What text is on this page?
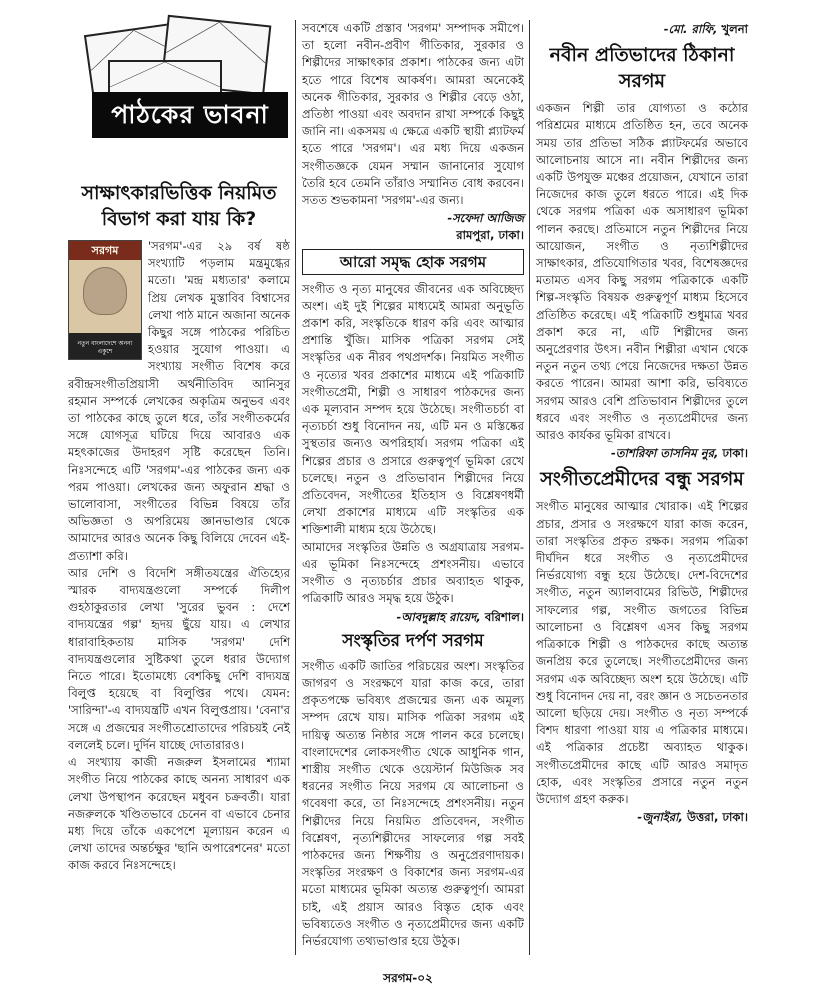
পাঠকের ভাবনা
সাক্ষাৎকারভিত্তিক নিয়মিত বিভাগ করা যায় কি?
সরগম
নতুন বাংলাদেশে অনন্য একুশে

'সরগম'-এর ২৯ বর্ষ ষষ্ঠ সংখ্যাটি পড়লাম মন্ত্রমুগ্ধের মতো। 'মন্দ্র মধ্যতার' কলামে প্রিয় লেখক মুস্তাবিব বিশ্বাসের লেখা পাঠ মানে অজানা অনেক কিছুর সঙ্গে পাঠকের পরিচিত হওয়ার সুযোগ পাওয়া। এ সংখ্যায় সংগীত বিশেষ করে রবীন্দ্রসংগীতপ্রিয়াসী অর্থনীতিবিদ আনিসুর রহমান সম্পর্কে লেখকের অকৃত্রিম অনুভব এবং তা পাঠকের কাছে তুলে ধরে, তাঁর সংগীতকর্মের সঙ্গে যোগসূত্র ঘটিয়ে দিয়ে আবারও এক মহৎকাজের উদাহরণ সৃষ্টি করেছেন তিনি। নিঃসন্দেহে এটি 'সরগম'-এর পাঠকের জন্য এক পরম পাওয়া। লেখকের জন্য অফুরান শ্রদ্ধা ও ভালোবাসা, সংগীতের বিভিন্ন বিষয়ে তাঁর অভিজ্ঞতা ও অপরিমেয় জ্ঞানভাণ্ডার থেকে আমাদের আরও অনেক কিছু বিলিয়ে দেবেন এই-প্রত্যাশা করি।

আর দেশি ও বিদেশি সঙ্গীতযন্ত্রের ঐতিহ্যের স্মারক বাদ্যযন্ত্রগুলো সম্পর্কে দিলীপ গুহঠাকুরতার লেখা 'সুরের ভুবন : দেশে বাদ্যযন্ত্রের গল্প' হৃদয় ছুঁয়ে যায়। এ লেখার ধারাবাহিকতায় মাসিক 'সরগম' দেশি বাদ্যযন্ত্রগুলোর সুষ্টিকথা তুলে ধরার উদ্যোগ নিতে পারে। ইতোমধ্যে বেশকিছু দেশি বাদ্যযন্ত্র বিলুপ্ত হয়েছে বা বিলুপ্তির পথে। যেমন: 'সারিন্দা'-এ বাদ্যযন্ত্রটি এখন বিলুপ্তপ্রায়। 'বেনা'র সঙ্গে এ প্রজন্মের সংগীতশ্রোতাদের পরিচয়ই নেই বললেই চলে। দুর্দিন যাচ্ছে দোতারারও।

এ সংখ্যায় কাজী নজরুল ইসলামের শ্যামা সংগীত নিয়ে পাঠকের কাছে অনন্য সাধারণ এক লেখা উপস্থাপন করেছেন মধুবন চক্রবর্তী। যারা নজরুলকে খণ্ডিতভাবে চেনেন বা এভাবে চেনার মধ্য দিয়ে তাঁকে একপেশে মূল্যায়ন করেন এ লেখা তাদের অন্তর্চক্ষুর 'ছানি অপারেশনের' মতো কাজ করবে নিঃসন্দেহে।

সবশেষে একটি প্রস্তাব 'সরগম' সম্পাদক সমীপে। তা হলো নবীন-প্রবীণ গীতিকার, সুরকার ও শিল্পীদের সাক্ষাৎকার প্রকাশ। পাঠকের জন্য এটা হতে পারে বিশেষ আকর্ষণ। আমরা অনেকেই অনেক গীতিকার, সুরকার ও শিল্পীর বেড়ে ওঠা, প্রতিষ্ঠা পাওয়া এবং অবদান রাখা সম্পর্কে কিছুই জানি না। একসময় এ ক্ষেত্রে একটি স্থায়ী প্ল্যাটফর্ম হতে পারে 'সরগম'। এর মধ্য দিয়ে একজন সংগীতজ্ঞকে যেমন সম্মান জানানোর সুযোগ তৈরি হবে তেমনি তাঁরাও সম্মানিত বোধ করবেন। সতত শুভকামনা 'সরগম'-এর জন্য।

-সফেদা আজিজ
রামপুরা, ঢাকা।
আরো সমৃদ্ধ হোক সরগম

সংগীত ও নৃত্য মানুষের জীবনের এক অবিচ্ছেদ্য অংশ। এই দুই শিল্পের মাধ্যমেই আমরা অনুভূতি প্রকাশ করি, সংস্কৃতিকে ধারণ করি এবং আত্মার প্রশান্তি খুঁজি। মাসিক পত্রিকা সরগম সেই সংস্কৃতির এক নীরব পথপ্রদর্শক। নিয়মিত সংগীত ও নৃত্যের খবর প্রকাশের মাধ্যমে এই পত্রিকাটি সংগীতপ্রেমী, শিল্পী ও সাধারণ পাঠকদের জন্য এক মূল্যবান সম্পদ হয়ে উঠেছে। সংগীতচর্চা বা নৃত্যচর্চা শুধু বিনোদন নয়, এটি মন ও মস্তিষ্কের সুস্থতার জন্যও অপরিহার্য। সরগম পত্রিকা এই শিল্পের প্রচার ও প্রসারে গুরুত্বপূর্ণ ভূমিকা রেখে চলেছে। নতুন ও প্রতিভাবান শিল্পীদের নিয়ে প্রতিবেদন, সংগীতের ইতিহাস ও বিশ্লেষণধর্মী লেখা প্রকাশের মাধ্যমে এটি সংস্কৃতির এক শক্তিশালী মাধ্যম হয়ে উঠেছে।

আমাদের সংস্কৃতির উন্নতি ও অগ্রযাত্রায় সরগম-এর ভূমিকা নিঃসন্দেহে প্রশংসনীয়। এভাবে সংগীত ও নৃত্যচর্চার প্রচার অব্যাহত থাকুক, পত্রিকাটি আরও সমৃদ্ধ হয়ে উঠুক।

-আবদুল্লাহ রায়েদ, বরিশাল।
সংস্কৃতির দর্পণ সরগম

সংগীত একটি জাতির পরিচয়ের অংশ। সংস্কৃতির জাগরণ ও সংরক্ষণে যারা কাজ করে, তারা প্রকৃতপক্ষে ভবিষ্যৎ প্রজন্মের জন্য এক অমূল্য সম্পদ রেখে যায়। মাসিক পত্রিকা সরগম এই দায়িত্ব অত্যন্ত নিষ্ঠার সঙ্গে পালন করে চলেছে। বাংলাদেশের লোকসংগীত থেকে আধুনিক গান, শাস্ত্রীয় সংগীত থেকে ওয়েস্টার্ন মিউজিক সব ধরনের সংগীত নিয়ে সরগম যে আলোচনা ও গবেষণা করে, তা নিঃসন্দেহে প্রশংসনীয়। নতুন শিল্পীদের নিয়ে নিয়মিত প্রতিবেদন, সংগীত বিশ্লেষণ, নৃত্যশিল্পীদের সাফল্যের গল্প সবই পাঠকদের জন্য শিক্ষণীয় ও অনুপ্রেরণাদায়ক। সংস্কৃতির সংরক্ষণ ও বিকাশের জন্য সরগম-এর মতো মাধ্যমের ভূমিকা অত্যন্ত গুরুত্বপূর্ণ। আমরা চাই, এই প্রয়াস আরও বিস্তৃত হোক এবং ভবিষ্যতেও সংগীত ও নৃত্যপ্রেমীদের জন্য একটি নির্ভরযোগ্য তথ্যভাণ্ডার হয়ে উঠুক।

-মো. রাফি, খুলনা
নবীন প্রতিভাদের ঠিকানা সরগম

একজন শিল্পী তার যোগ্যতা ও কঠোর পরিশ্রমের মাধ্যমে প্রতিষ্ঠিত হন, তবে অনেক সময় তার প্রতিভা সঠিক প্ল্যাটফর্মের অভাবে আলোচনায় আসে না। নবীন শিল্পীদের জন্য একটি উপযুক্ত মঞ্চের প্রয়োজন, যেখানে তারা নিজেদের কাজ তুলে ধরতে পারে। এই দিক থেকে সরগম পত্রিকা এক অসাধারণ ভূমিকা পালন করছে। প্রতিমাসে নতুন শিল্পীদের নিয়ে আয়োজন, সংগীত ও নৃত্যশিল্পীদের সাক্ষাৎকার, প্রতিযোগিতার খবর, বিশেষজ্ঞদের মতামত এসব কিছু সরগম পত্রিকাকে একটি শিল্প-সংস্কৃতি বিষয়ক গুরুত্বপূর্ণ মাধ্যম হিসেবে প্রতিষ্ঠিত করেছে। এই পত্রিকাটি শুধুমাত্র খবর প্রকাশ করে না, এটি শিল্পীদের জন্য অনুপ্রেরণার উৎস। নবীন শিল্পীরা এখান থেকে নতুন নতুন তথ্য পেয়ে নিজেদের দক্ষতা উন্নত করতে পারেন। আমরা আশা করি, ভবিষ্যতে সরগম আরও বেশি প্রতিভাবান শিল্পীদের তুলে ধরবে এবং সংগীত ও নৃত্যপ্রেমীদের জন্য আরও কার্যকর ভূমিকা রাখবে।

-তাশরিফা তাসনিম নুর, ঢাকা।
সংগীতপ্রেমীদের বন্ধু সরগম

সংগীত মানুষের আত্মার খোরাক। এই শিল্পের প্রচার, প্রসার ও সংরক্ষণে যারা কাজ করেন, তারা সংস্কৃতির প্রকৃত রক্ষক। সরগম পত্রিকা দীর্ঘদিন ধরে সংগীত ও নৃত্যপ্রেমীদের নির্ভরযোগ্য বন্ধু হয়ে উঠেছে। দেশ-বিদেশের সংগীত, নতুন অ্যালবামের রিভিউ, শিল্পীদের সাফল্যের গল্প, সংগীত জগতের বিভিন্ন আলোচনা ও বিশ্লেষণ এসব কিছু সরগম পত্রিকাকে শিল্পী ও পাঠকদের কাছে অত্যন্ত জনপ্রিয় করে তুলেছে। সংগীতপ্রেমীদের জন্য সরগম এক অবিচ্ছেদ্য অংশ হয়ে উঠেছে। এটি শুধু বিনোদন দেয় না, বরং জ্ঞান ও সচেতনতার আলো ছড়িয়ে দেয়। সংগীত ও নৃত্য সম্পর্কে বিশদ ধারণা পাওয়া যায় এ পত্রিকার মাধ্যমে। এই পত্রিকার প্রচেষ্টা অব্যাহত থাকুক। সংগীতপ্রেমীদের কাছে এটি আরও সমাদৃত হোক, এবং সংস্কৃতির প্রসারে নতুন নতুন উদ্যোগ গ্রহণ করুক।

-জুনাইরা, উত্তরা, ঢাকা।
সরগম-০২
